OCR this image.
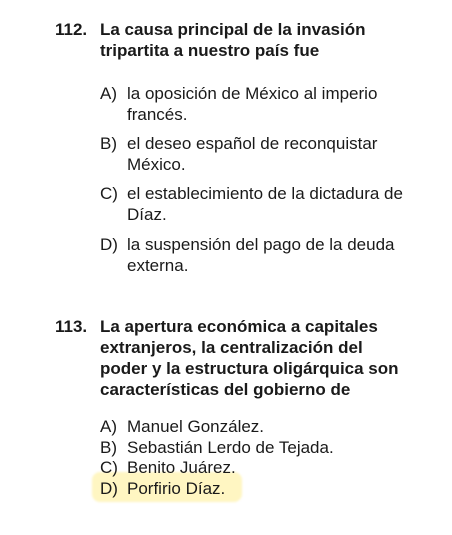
112. La causa principal de la invasión
tripartita a nuestro país fue
A) la oposición de México al imperio
francés.
B) el deseo español de reconquistar
México.
C) el establecimiento de la dictadura de
Díaz.
D) la suspensión del pago de la deuda
externa.
113. La apertura económica a capitales
extranjeros, la centralización del
poder y la estructura oligárquica son
características del gobierno de
A) Manuel González.
B) Sebastián Lerdo de Tejada.
C) Benito Juárez.
D) Porfirio Díaz.
